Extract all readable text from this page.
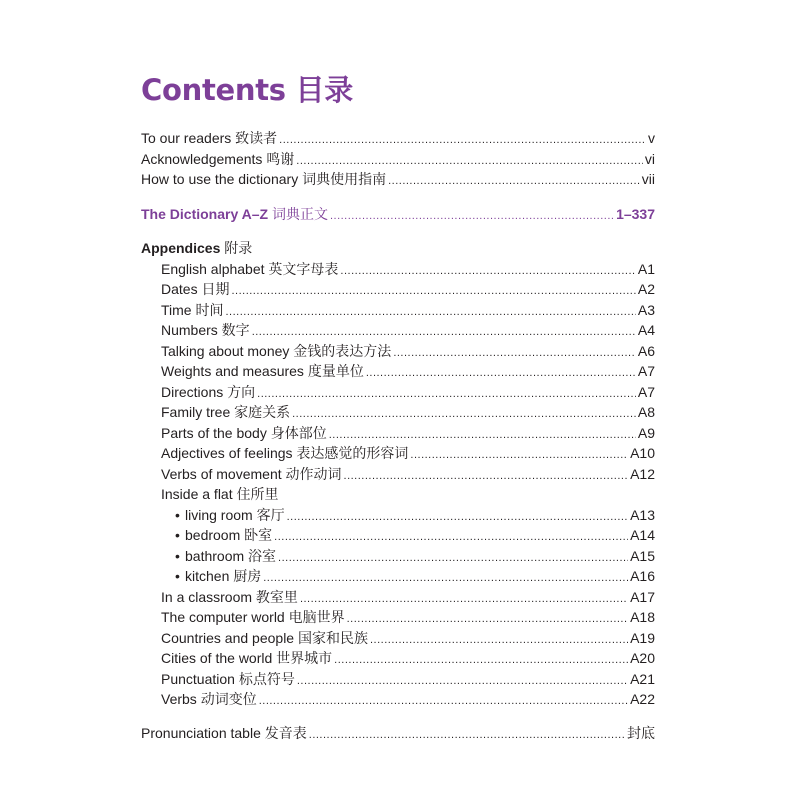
Contents 目录
To our readers 致读者 .....	v
Acknowledgements 鸣谢 .....	vi
How to use the dictionary 词典使用指南 .....	vii
The Dictionary A–Z 词典正文 .....	1–337
Appendices 附录
English alphabet 英文字母表 .....	A1
Dates 日期 .....	A2
Time 时间 .....	A3
Numbers 数字 .....	A4
Talking about money 金钱的表达方法 .....	A6
Weights and measures 度量单位 .....	A7
Directions 方向 .....	A7
Family tree 家庭关系 .....	A8
Parts of the body 身体部位 .....	A9
Adjectives of feelings 表达感觉的形容词 .....	A10
Verbs of movement 动作动词 .....	A12
Inside a flat 住所里
• living room 客厅 .....	A13
• bedroom 卧室 .....	A14
• bathroom 浴室 .....	A15
• kitchen 厨房 .....	A16
In a classroom 教室里 .....	A17
The computer world 电脑世界 .....	A18
Countries and people 国家和民族 .....	A19
Cities of the world 世界城市 .....	A20
Punctuation 标点符号 .....	A21
Verbs 动词变位 .....	A22
Pronunciation table 发音表 .....	封底
